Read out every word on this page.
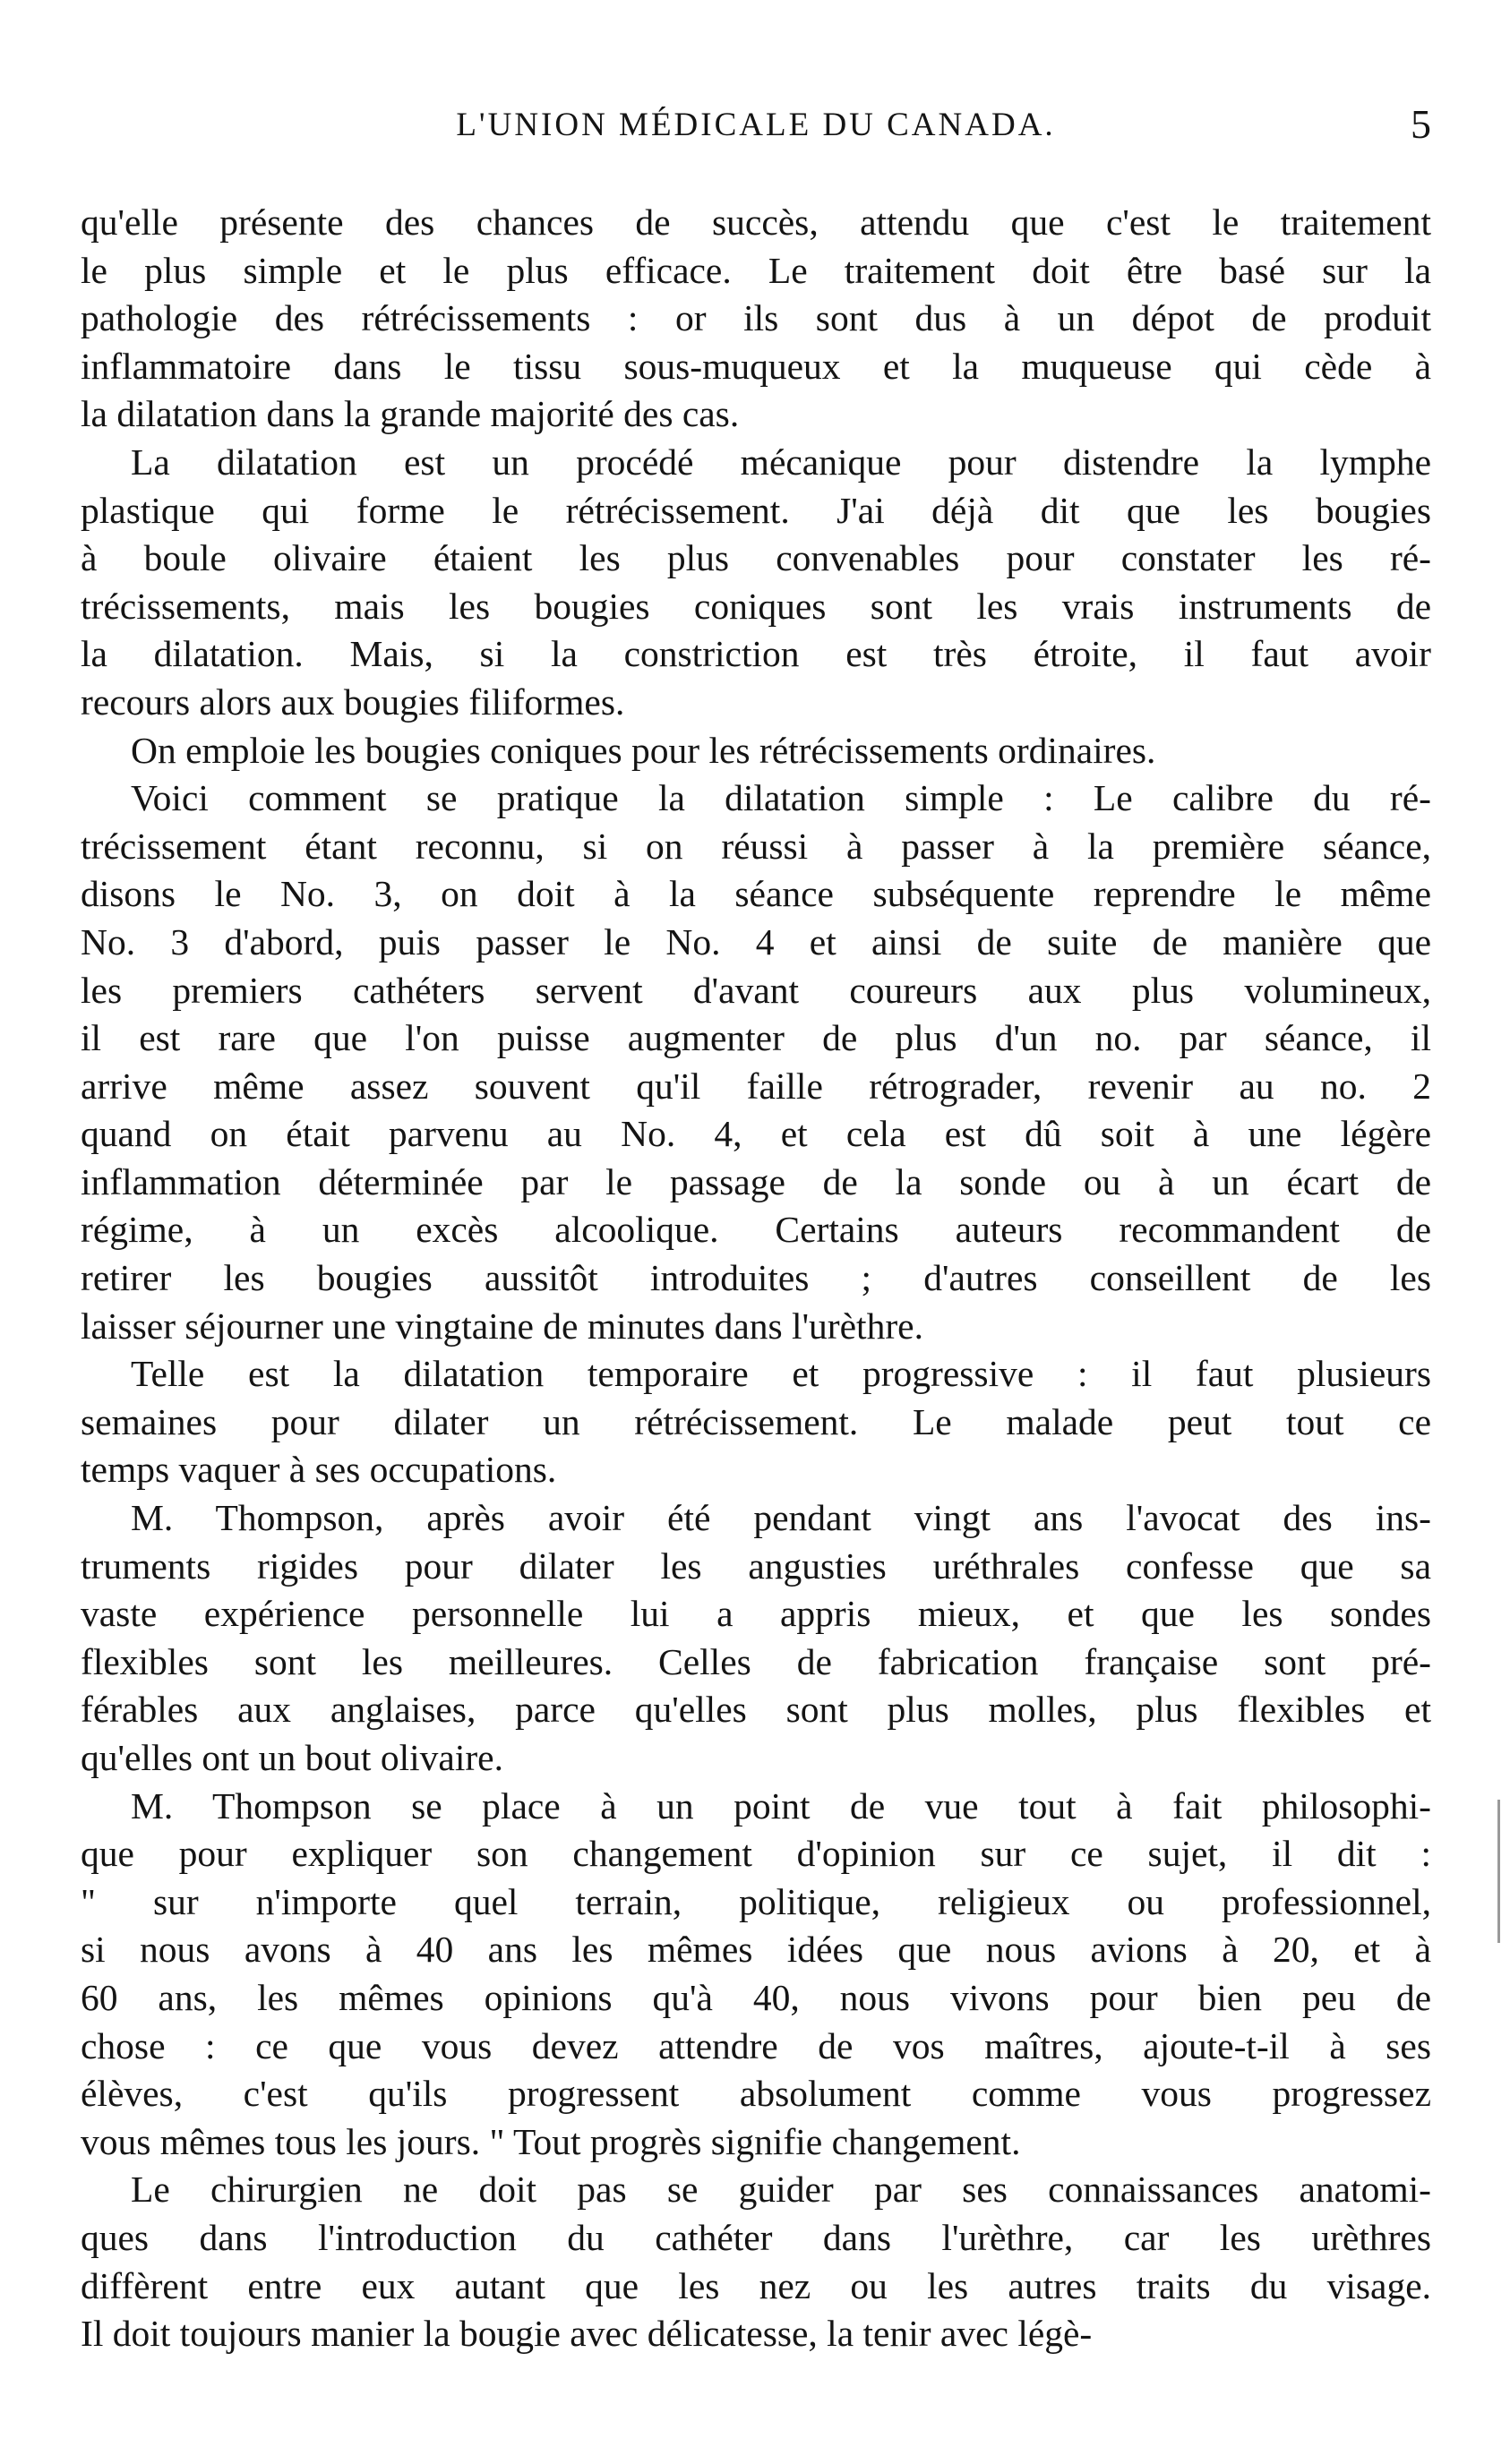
L'UNION MÉDICALE DU CANADA.	5
qu'elle présente des chances de succès, attendu que c'est le traitement
le plus simple et le plus efficace. Le traitement doit être basé sur la
pathologie des rétrécissements : or ils sont dus à un dépot de produit
inflammatoire dans le tissu sous-muqueux et la muqueuse qui cède à
la dilatation dans la grande majorité des cas.
La dilatation est un procédé mécanique pour distendre la lymphe
plastique qui forme le rétrécissement. J'ai déjà dit que les bougies
à boule olivaire étaient les plus convenables pour constater les ré-
trécissements, mais les bougies coniques sont les vrais instruments de
la dilatation. Mais, si la constriction est très étroite, il faut avoir
recours alors aux bougies filiformes.
On emploie les bougies coniques pour les rétrécissements ordinaires.
Voici comment se pratique la dilatation simple : Le calibre du ré-
trécissement étant reconnu, si on réussi à passer à la première séance,
disons le No. 3, on doit à la séance subséquente reprendre le même
No. 3 d'abord, puis passer le No. 4 et ainsi de suite de manière que
les premiers cathéters servent d'avant coureurs aux plus volumineux,
il est rare que l'on puisse augmenter de plus d'un no. par séance, il
arrive même assez souvent qu'il faille rétrograder, revenir au no. 2
quand on était parvenu au No. 4, et cela est dû soit à une légère
inflammation déterminée par le passage de la sonde ou à un écart de
régime, à un excès alcoolique. Certains auteurs recommandent de
retirer les bougies aussitôt introduites ; d'autres conseillent de les
laisser séjourner une vingtaine de minutes dans l'urèthre.
Telle est la dilatation temporaire et progressive : il faut plusieurs
semaines pour dilater un rétrécissement. Le malade peut tout ce
temps vaquer à ses occupations.
M. Thompson, après avoir été pendant vingt ans l'avocat des ins-
truments rigides pour dilater les angusties uréthrales confesse que sa
vaste expérience personnelle lui a appris mieux, et que les sondes
flexibles sont les meilleures. Celles de fabrication française sont pré-
férables aux anglaises, parce qu'elles sont plus molles, plus flexibles et
qu'elles ont un bout olivaire.
M. Thompson se place à un point de vue tout à fait philosophi-
que pour expliquer son changement d'opinion sur ce sujet, il dit :
" sur n'importe quel terrain, politique, religieux ou professionnel,
si nous avons à 40 ans les mêmes idées que nous avions à 20, et à
60 ans, les mêmes opinions qu'à 40, nous vivons pour bien peu de
chose : ce que vous devez attendre de vos maîtres, ajoute-t-il à ses
élèves, c'est qu'ils progressent absolument comme vous progressez
vous mêmes tous les jours. " Tout progrès signifie changement.
Le chirurgien ne doit pas se guider par ses connaissances anatomi-
ques dans l'introduction du cathéter dans l'urèthre, car les urèthres
diffèrent entre eux autant que les nez ou les autres traits du visage.
Il doit toujours manier la bougie avec délicatesse, la tenir avec légè-
